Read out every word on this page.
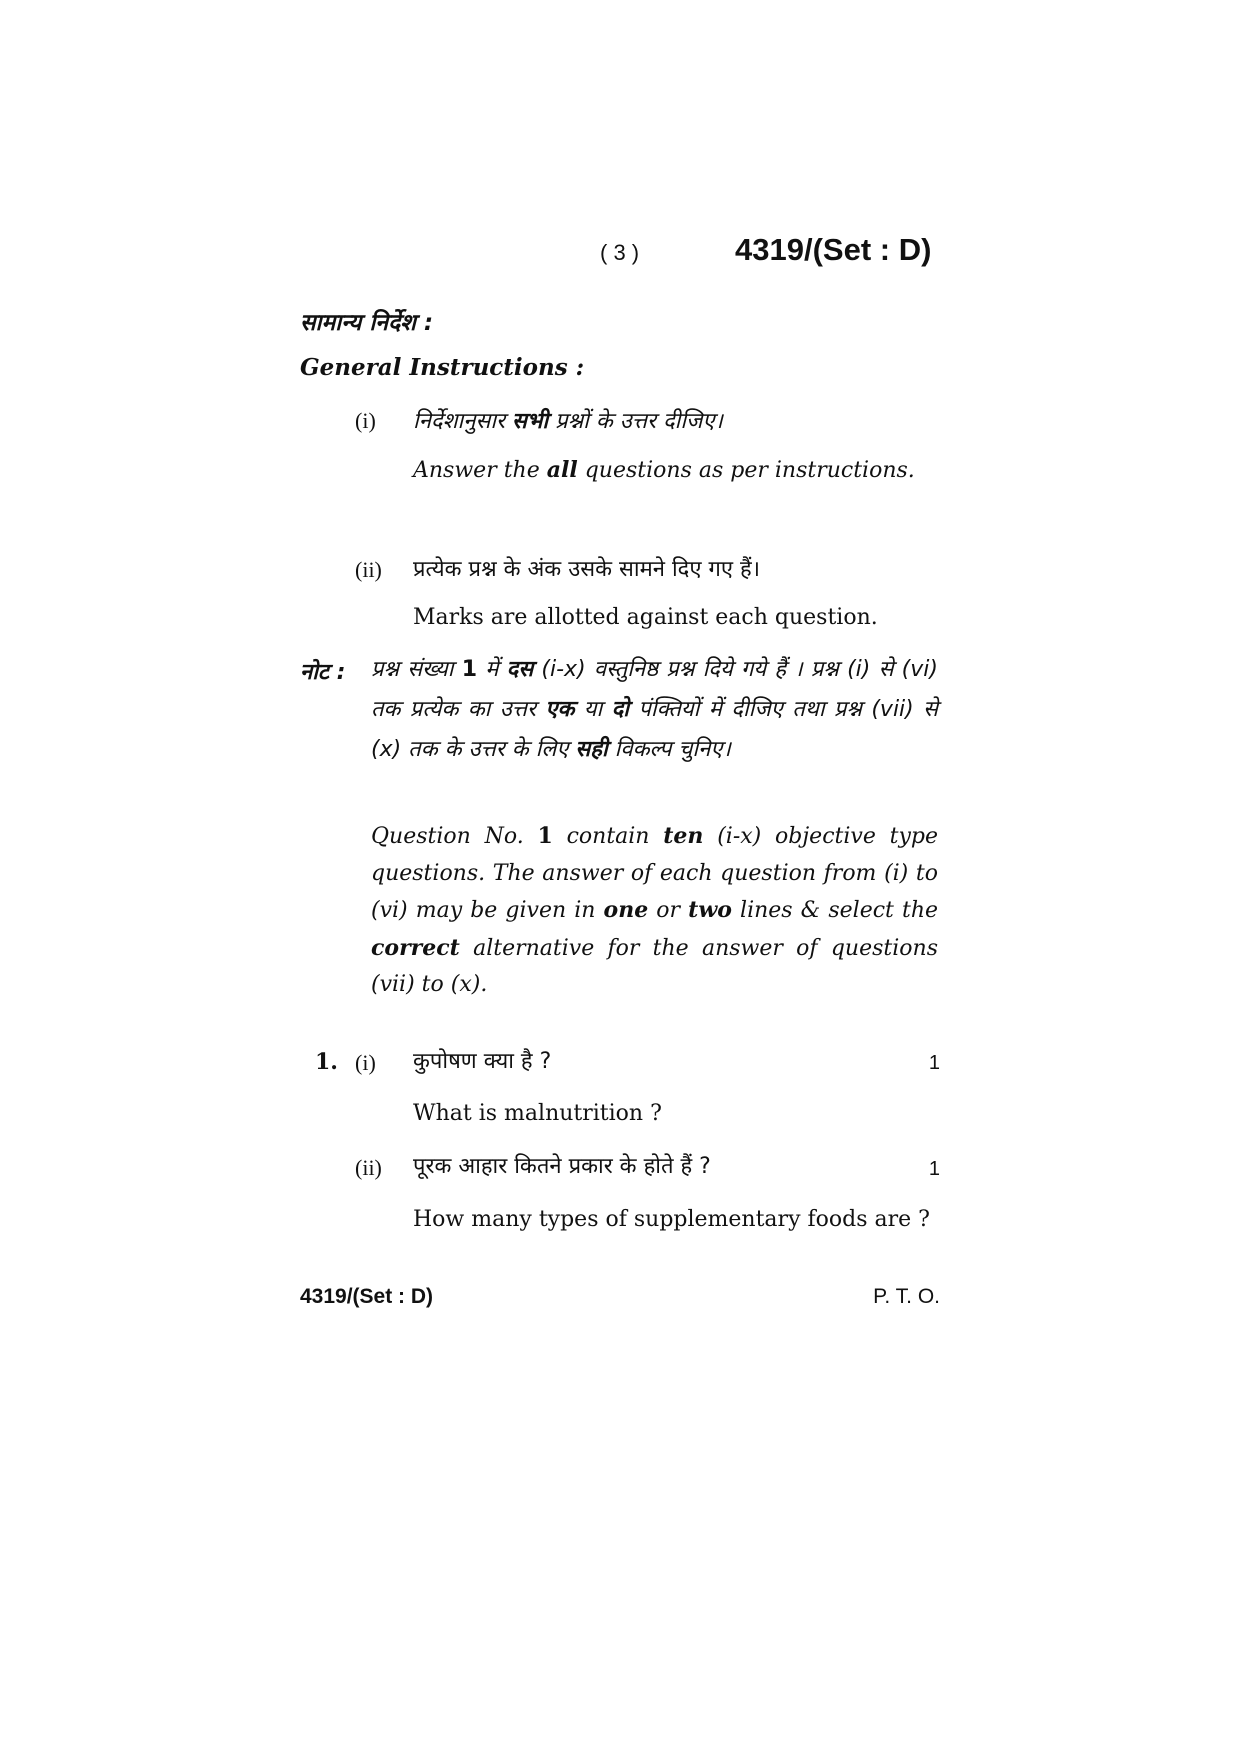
( 3 )	4319/(Set : D)
सामान्य निर्देश :
General Instructions :
(i) निर्देशानुसार सभी प्रश्नों के उत्तर दीजिए।
Answer the all questions as per instructions.
(ii) प्रत्येक प्रश्न के अंक उसके सामने दिए गए हैं।
Marks are allotted against each question.
नोट : प्रश्न संख्या 1 में दस (i-x) वस्तुनिष्ठ प्रश्न दिये गये हैं । प्रश्न (i) से (vi) तक प्रत्येक का उत्तर एक या दो पंक्तियों में दीजिए तथा प्रश्न (vii) से (x) तक के उत्तर के लिए सही विकल्प चुनिए।
Question No. 1 contain ten (i-x) objective type questions. The answer of each question from (i) to (vi) may be given in one or two lines & select the correct alternative for the answer of questions (vii) to (x).
1. (i) कुपोषण क्या है ?	1
What is malnutrition ?
(ii) पूरक आहार कितने प्रकार के होते हैं ?	1
How many types of supplementary foods are ?
4319/(Set : D)	P. T. O.
